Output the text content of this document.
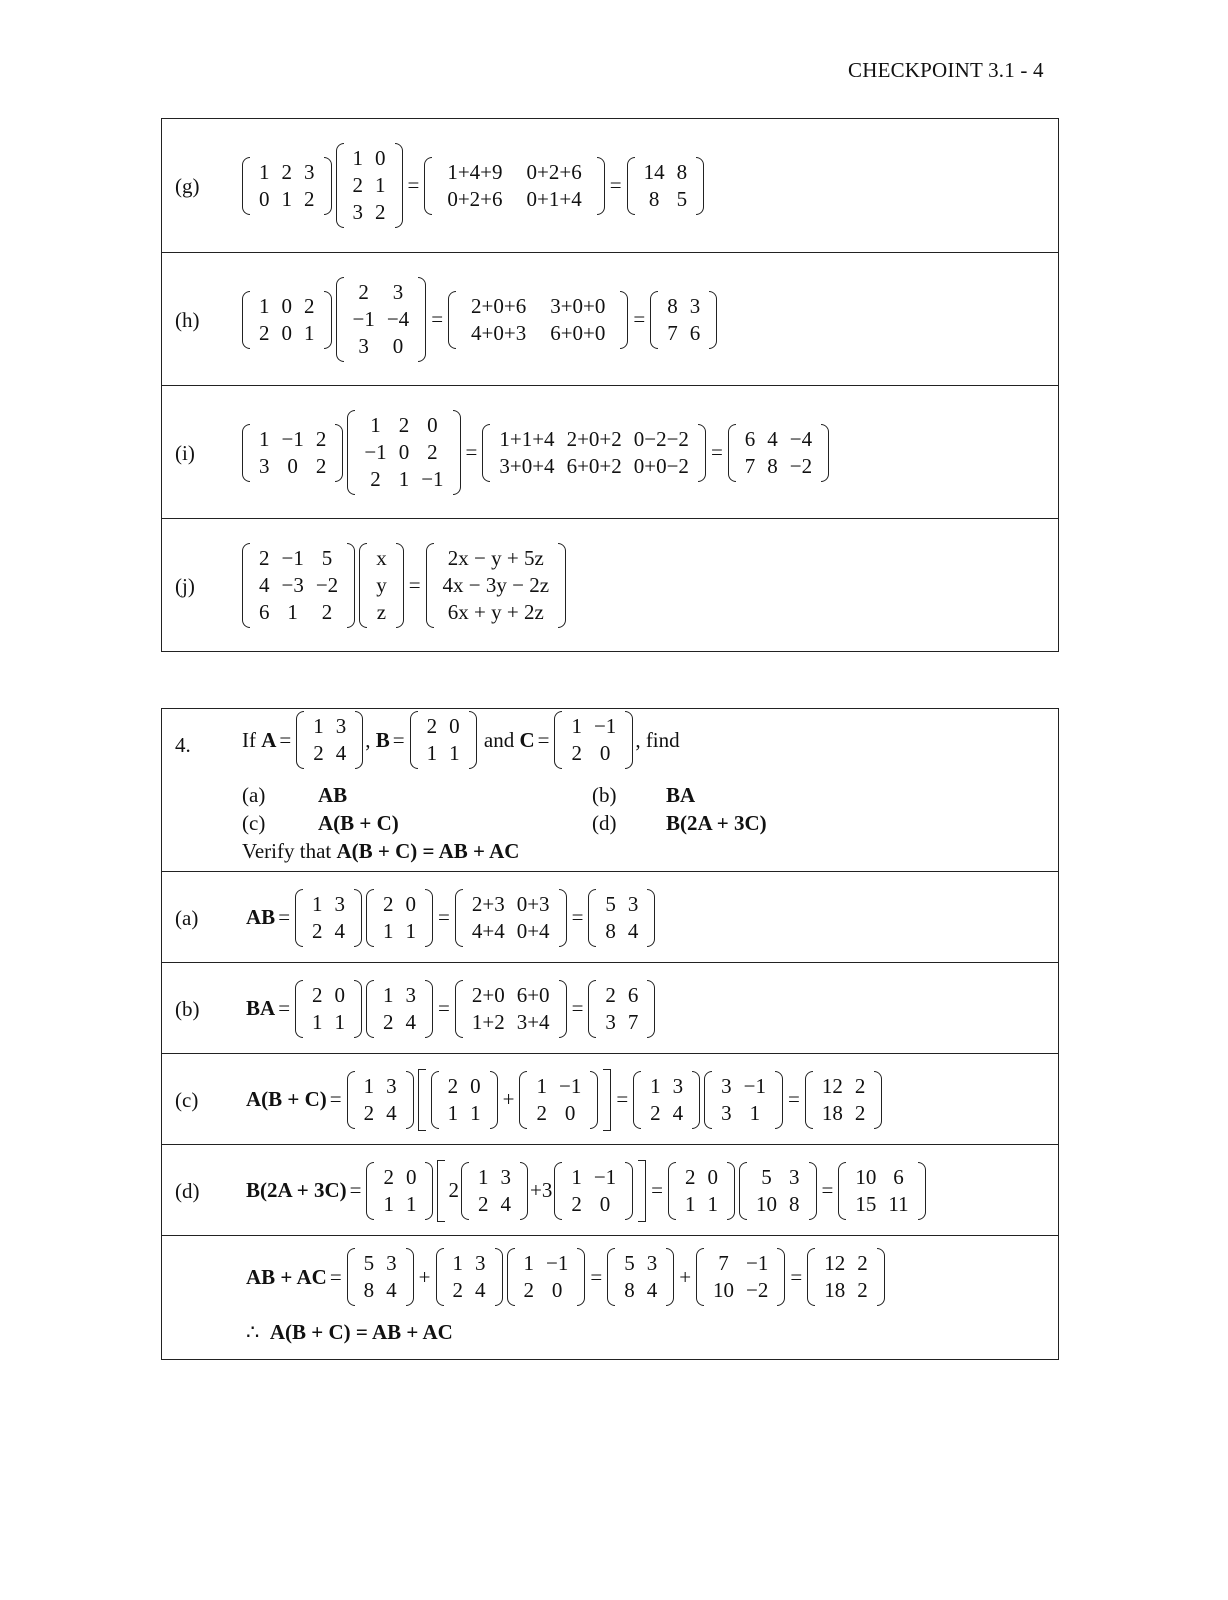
CHECKPOINT 3.1 - 4
(g)
1	2	3
0	1	2
1	0
2	1
3	2
=
1+4+9	0+2+6
0+2+6	0+1+4
=
14	8
8	5
(h)
1	0	2
2	0	1
2	3
−1	−4
3	0
=
2+0+6	3+0+0
4+0+3	6+0+0
=
8	3
7	6
(i)
1	−1	2
3	0	2
1	2	0
−1	0	2
2	1	−1
=
1+1+4	2+0+2	0−2−2
3+0+4	6+0+2	0+0−2
=
6	4	−4
7	8	−2
(j)
2	−1	5
4	−3	−2
6	1	2
x
y
z
=
2x − y + 5z
4x − 3y − 2z
6x + y + 2z
4. If
A =
1	3
2	4
, B =
2	0
1	1

and
C =
1	−1
2	0
, find
(a)	AB	(b) BA
(c)	A(B + C)	(d) B(2A + 3C)
Verify that A(B + C) = AB + AC
(a) AB =
1	3
2	4
2	0
1	1
=
2+3	0+3
4+4	0+4
=
5	3
8	4
(b) BA =
2	0
1	1
1	3
2	4
=
2+0	6+0
1+2	3+4
=
2	6
3	7
(c) A(B + C) =
1	3
2	4
2	0
1	1
+
1	−1
2	0
=
1	3
2	4
3	−1
3	1
=
12	2
18	2
(d) B(2A + 3C) =
2	0
1	1
2
1	3
2	4
+3
1	−1
2	0
=
2	0
1	1
5	3
10	8
=
10	6
15	11
AB + AC =
5	3
8	4
+
1	3
2	4
1	−1
2	0
=
5	3
8	4
+
7	−1
10	−2
=
12	2
18	2
∴ A(B + C) = AB + AC
